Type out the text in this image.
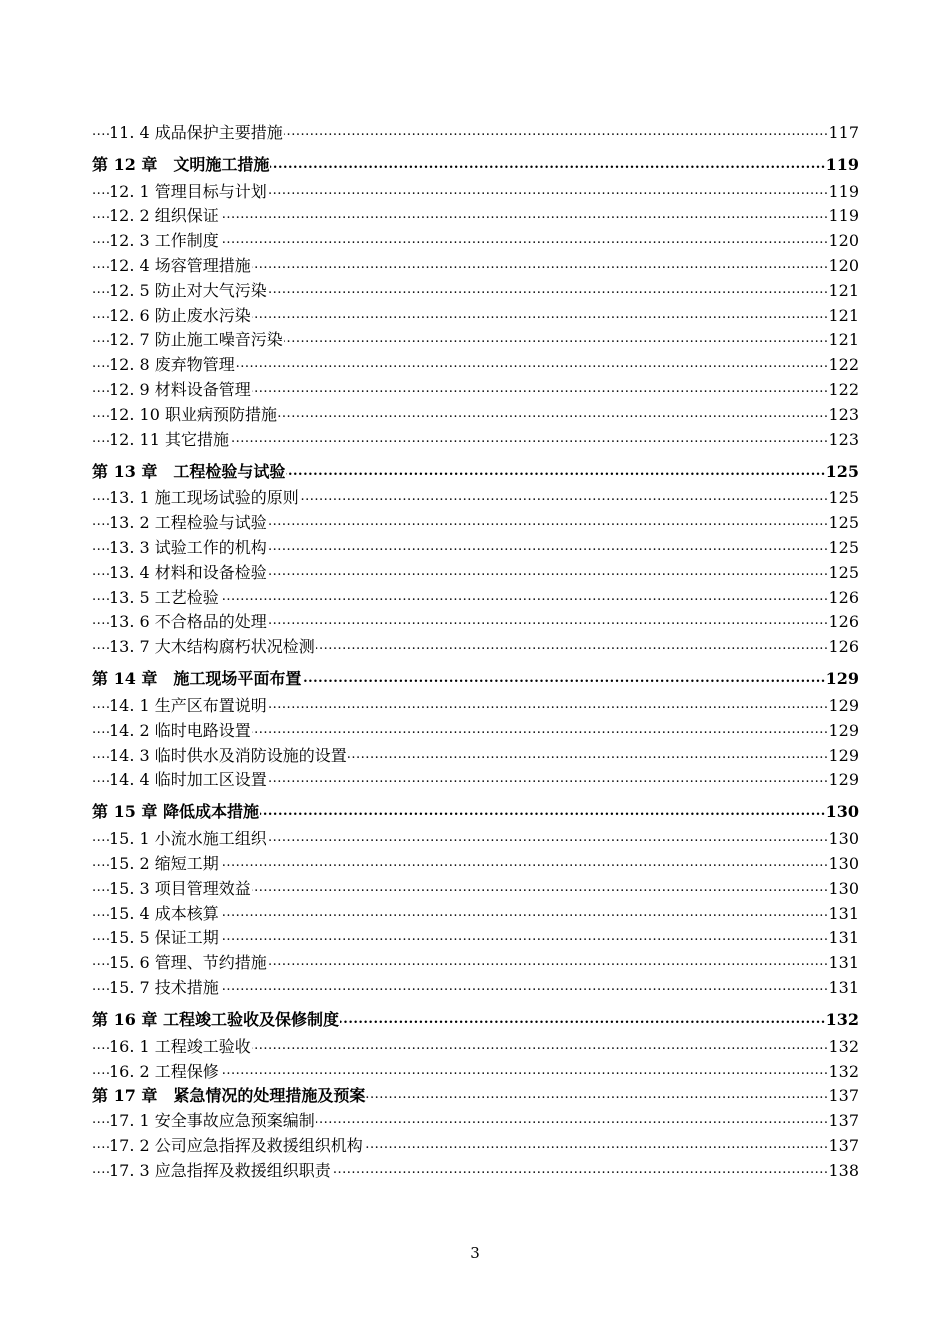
..... 11. 4 成品保护主要措施	117
..... 第 12 章　文明施工措施	119
..... 12. 1 管理目标与计划	119
..... 12. 2 组织保证	119
..... 12. 3 工作制度	120
..... 12. 4 场容管理措施	120
..... 12. 5 防止对大气污染	121
..... 12. 6 防止废水污染	121
..... 12. 7 防止施工噪音污染	121
..... 12. 8 废弃物管理	122
..... 12. 9 材料设备管理	122
..... 12. 10 职业病预防措施	123
..... 12. 11 其它措施	123
..... 第 13 章　工程检验与试验	125
..... 13. 1 施工现场试验的原则	125
..... 13. 2 工程检验与试验	125
..... 13. 3 试验工作的机构	125
..... 13. 4 材料和设备检验	125
..... 13. 5 工艺检验	126
..... 13. 6 不合格品的处理	126
..... 13. 7 大木结构腐朽状况检测	126
..... 第 14 章　施工现场平面布置	129
..... 14. 1 生产区布置说明	129
..... 14. 2 临时电路设置	129
..... 14. 3 临时供水及消防设施的设置	129
..... 14. 4 临时加工区设置	129
..... 第 15 章 降低成本措施	130
..... 15. 1 小流水施工组织	130
..... 15. 2 缩短工期	130
..... 15. 3 项目管理效益	130
..... 15. 4 成本核算	131
..... 15. 5 保证工期	131
..... 15. 6 管理、节约措施	131
..... 15. 7 技术措施	131
..... 第 16 章 工程竣工验收及保修制度	132
..... 16. 1 工程竣工验收	132
..... 16. 2 工程保修	132
..... 第 17 章　紧急情况的处理措施及预案	137
..... 17. 1 安全事故应急预案编制	137
..... 17. 2 公司应急指挥及救援组织机构	137
..... 17. 3 应急指挥及救援组织职责	138
3
